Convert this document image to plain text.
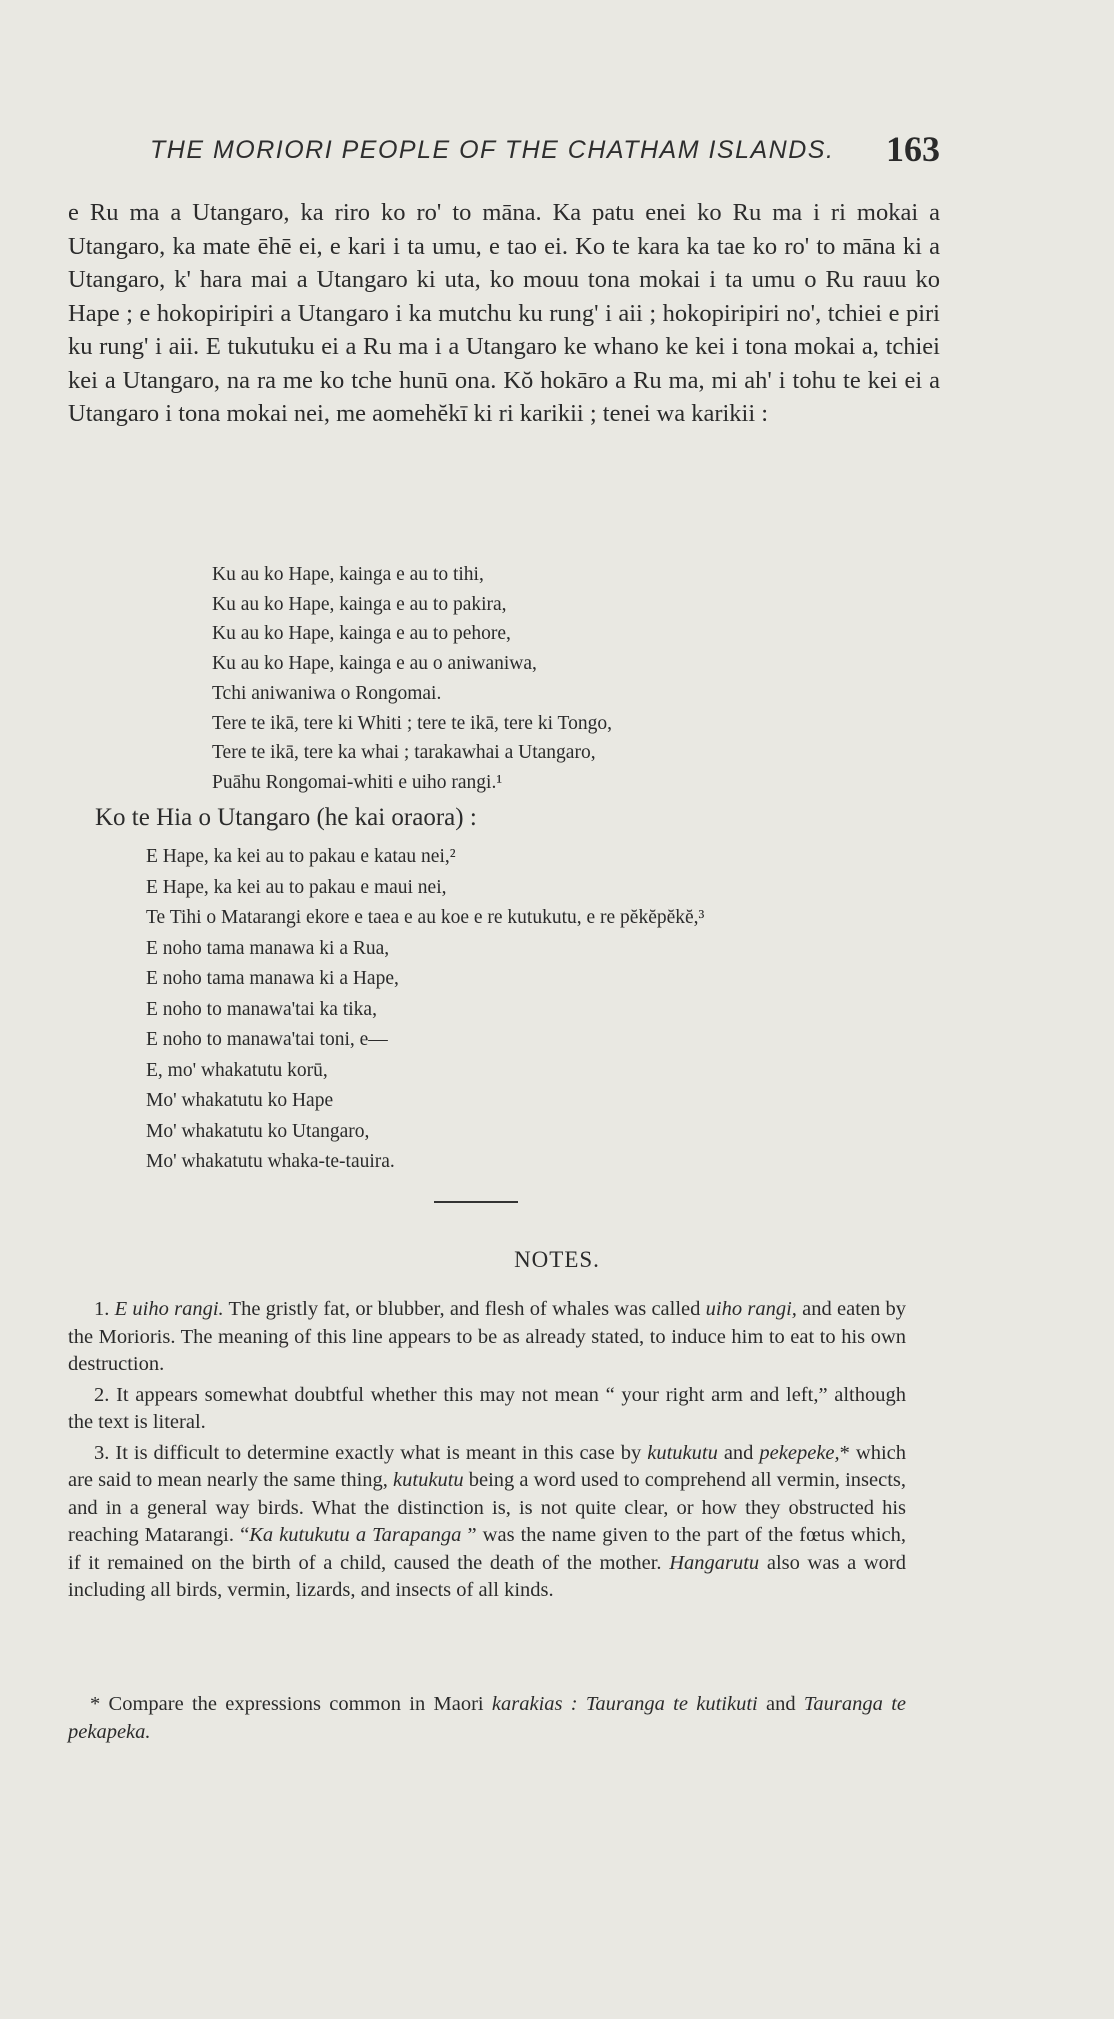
THE MORIORI PEOPLE OF THE CHATHAM ISLANDS. 163

e Ru ma a Utangaro, ka riro ko ro' to māna. Ka patu enei ko Ru ma i ri mokai a Utangaro, ka mate ēhē ei, e kari i ta umu, e tao ei. Ko te kara ka tae ko ro' to māna ki a Utangaro, k' hara mai a Utangaro ki uta, ko mouu tona mokai i ta umu o Ru rauu ko Hape ; e hokopiripiri a Utangaro i ka mutchu ku rung' i aii ; hokopiripiri no', tchiei e piri ku rung' i aii. E tukutuku ei a Ru ma i a Utangaro ke whano ke kei i tona mokai a, tchiei kei a Utangaro, na ra me ko tche hunū ona. Kŏ hokāro a Ru ma, mi ah' i tohu te kei ei a Utangaro i tona mokai nei, me aomehĕkī ki ri karikii ; tenei wa karikii :

Ku au ko Hape, kainga e au to tihi,
Ku au ko Hape, kainga e au to pakira,
Ku au ko Hape, kainga e au to pehore,
Ku au ko Hape, kainga e au o aniwaniwa,
Tchi aniwaniwa o Rongomai.
Tere te ikā, tere ki Whiti ; tere te ikā, tere ki Tongo,
Tere te ikā, tere ka whai ; tarakawhai a Utangaro,
Puāhu Rongomai-whiti e uiho rangi.¹
Ko te Hia o Utangaro (he kai oraora) :
E Hape, ka kei au to pakau e katau nei,²
E Hape, ka kei au to pakau e maui nei,
Te Tihi o Matarangi ekore e taea e au koe e re kutukutu, e re pĕkĕpĕkĕ,³
E noho tama manawa ki a Rua,
E noho tama manawa ki a Hape,
E noho to manawa'tai ka tika,
E noho to manawa'tai toni, e—
E, mo' whakatutu korū,
Mo' whakatutu ko Hape
Mo' whakatutu ko Utangaro,
Mo' whakatutu whaka-te-tauira.
NOTES.

1. E uiho rangi. The gristly fat, or blubber, and flesh of whales was called uiho rangi, and eaten by the Morioris. The meaning of this line appears to be as already stated, to induce him to eat to his own destruction.

2. It appears somewhat doubtful whether this may not mean “ your right arm and left,” although the text is literal.

3. It is difficult to determine exactly what is meant in this case by kutukutu and pekepeke,* which are said to mean nearly the same thing, kutukutu being a word used to comprehend all vermin, insects, and in a general way birds. What the distinction is, is not quite clear, or how they obstructed his reaching Matarangi. “Ka kutukutu a Tarapanga ” was the name given to the part of the fœtus which, if it remained on the birth of a child, caused the death of the mother. Hangarutu also was a word including all birds, vermin, lizards, and insects of all kinds.

* Compare the expressions common in Maori karakias : Tauranga te kutikuti and Tauranga te pekapeka.
